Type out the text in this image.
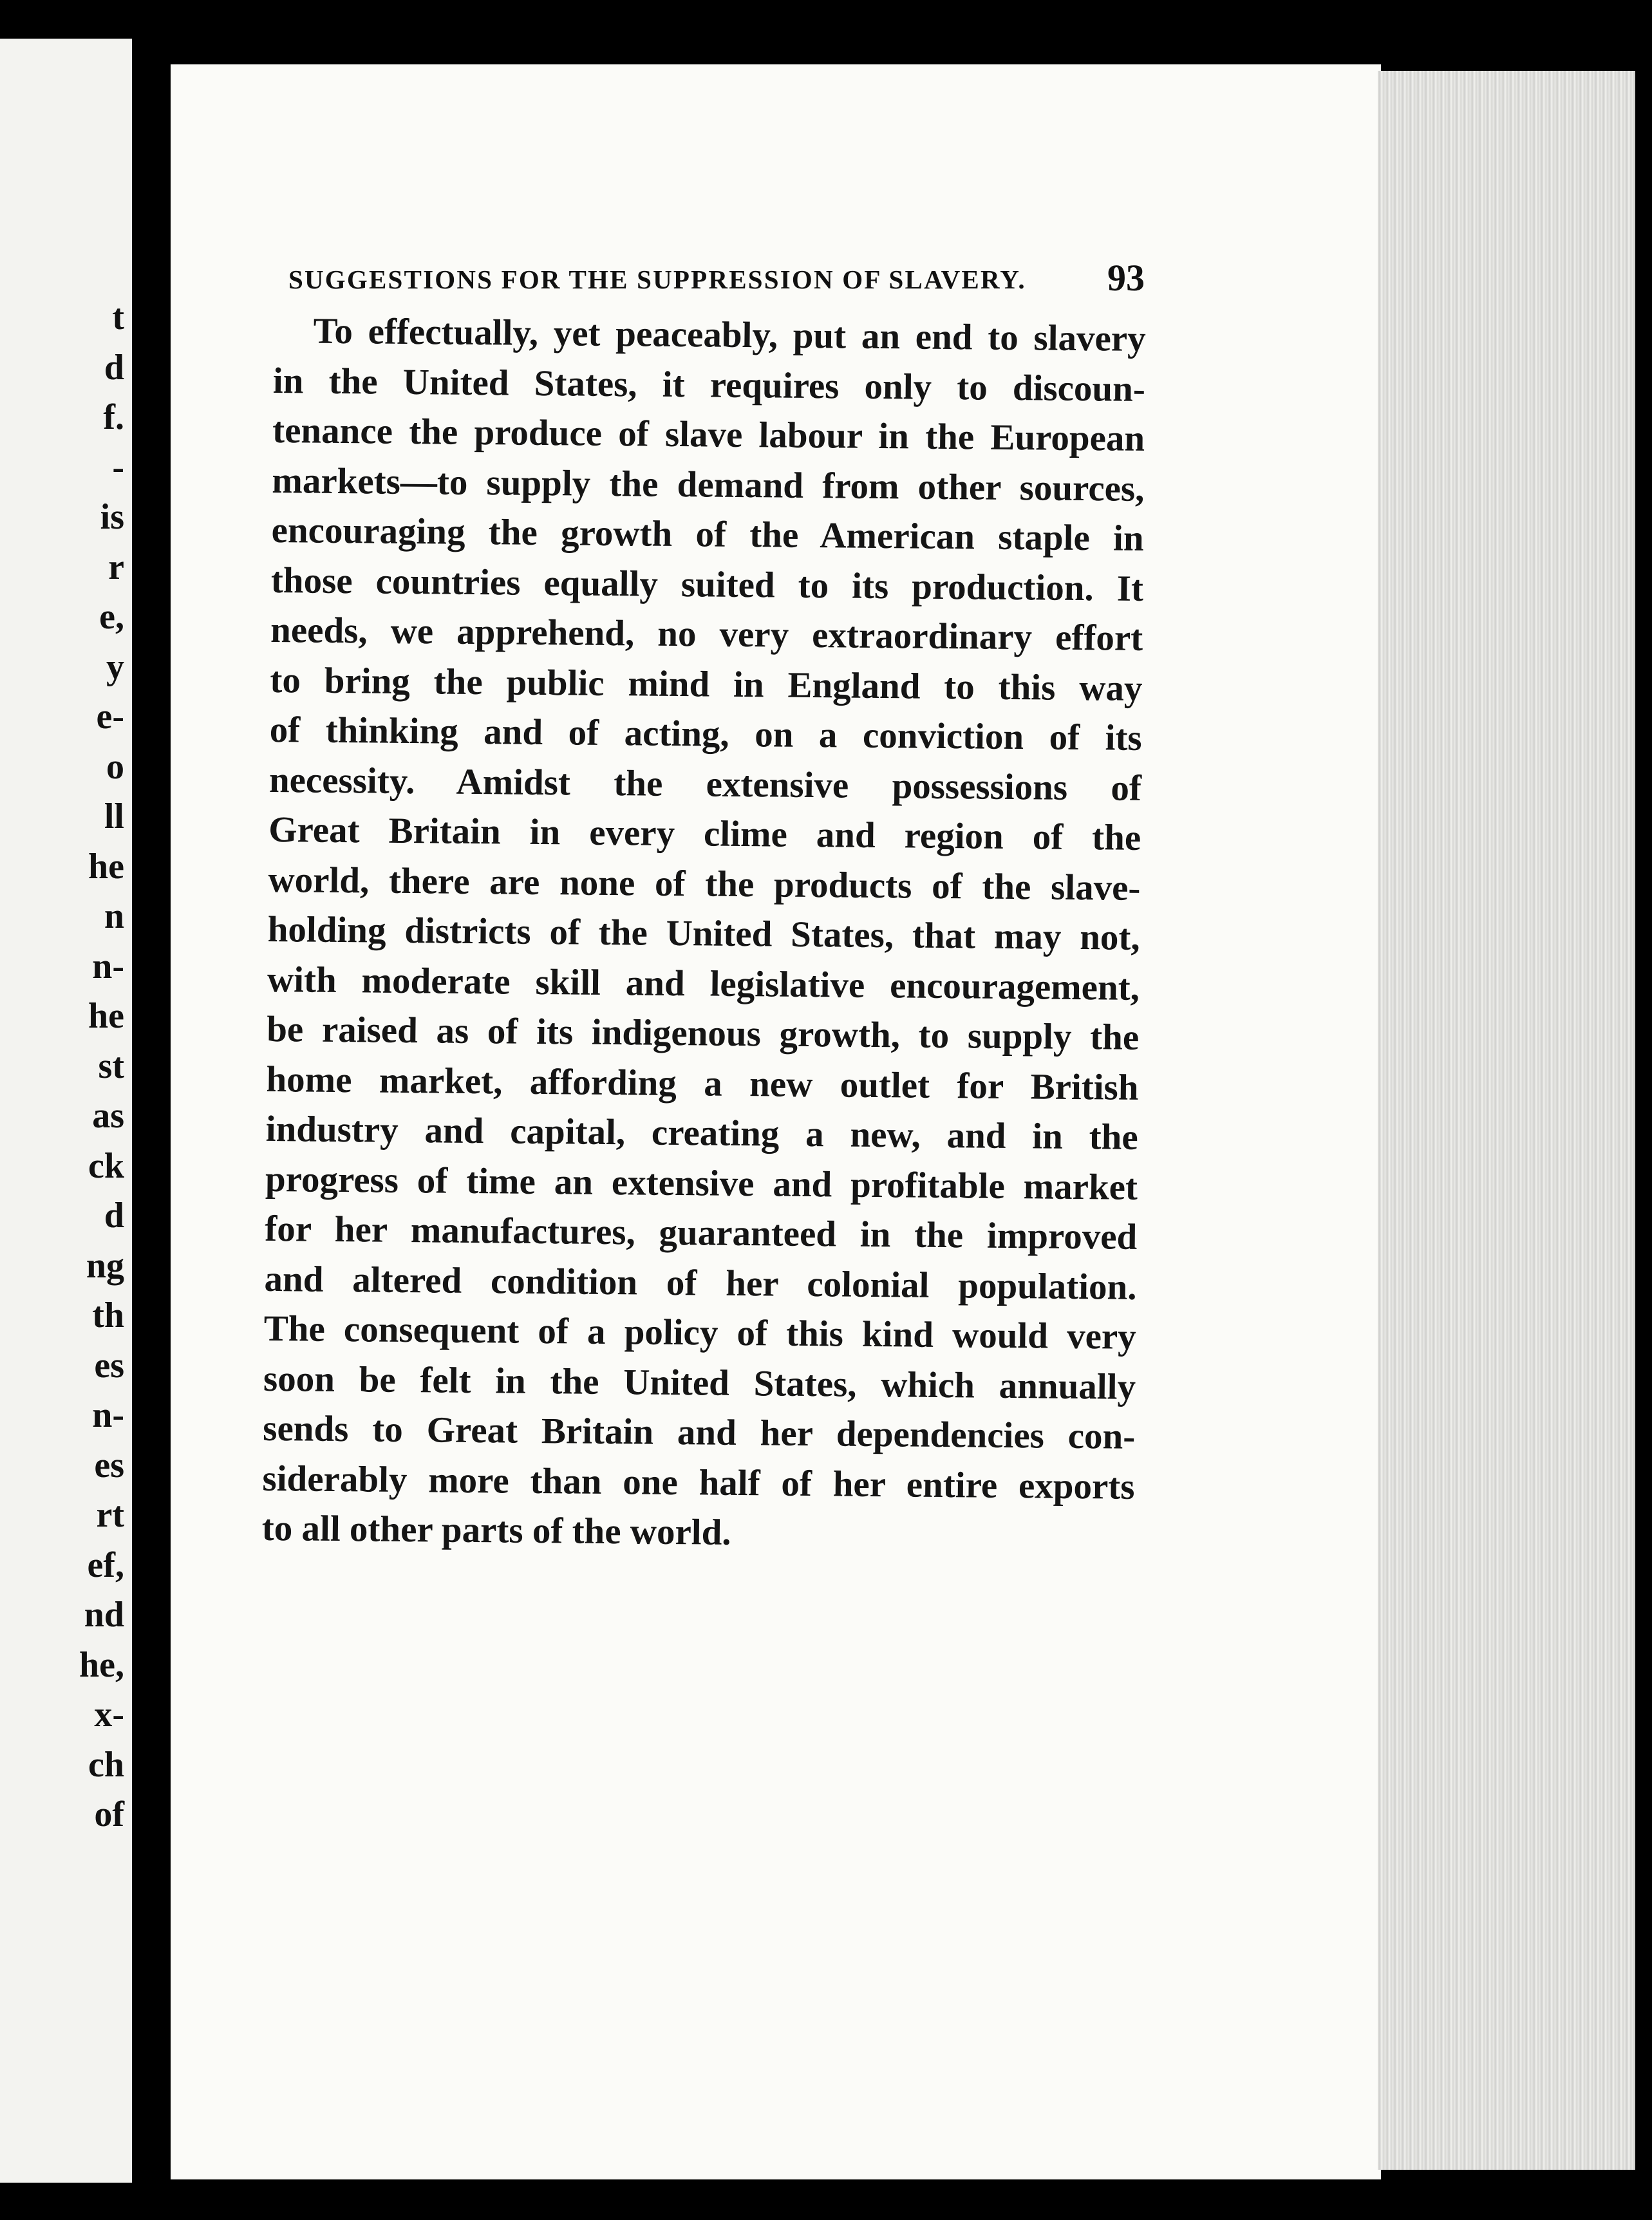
t
d
f.
-
is
r
e,
y
e-
o
ll
he
n
n-
he
st
as
ck
d
ng
th
es
n-
es
rt
ef,
nd
he,
x-
ch
of
SUGGESTIONS FOR THE SUPPRESSION OF SLAVERY. 93
To effectually, yet peaceably, put an end to slavery
in the United States, it requires only to discoun-
tenance the produce of slave labour in the European
markets—to supply the demand from other sources,
encouraging the growth of the American staple in
those countries equally suited to its production. It
needs, we apprehend, no very extraordinary effort
to bring the public mind in England to this way
of thinking and of acting, on a conviction of its
necessity. Amidst the extensive possessions of
Great Britain in every clime and region of the
world, there are none of the products of the slave-
holding districts of the United States, that may not,
with moderate skill and legislative encouragement,
be raised as of its indigenous growth, to supply the
home market, affording a new outlet for British
industry and capital, creating a new, and in the
progress of time an extensive and profitable market
for her manufactures, guaranteed in the improved
and altered condition of her colonial population.
The consequent of a policy of this kind would very
soon be felt in the United States, which annually
sends to Great Britain and her dependencies con-
siderably more than one half of her entire exports
to all other parts of the world.
